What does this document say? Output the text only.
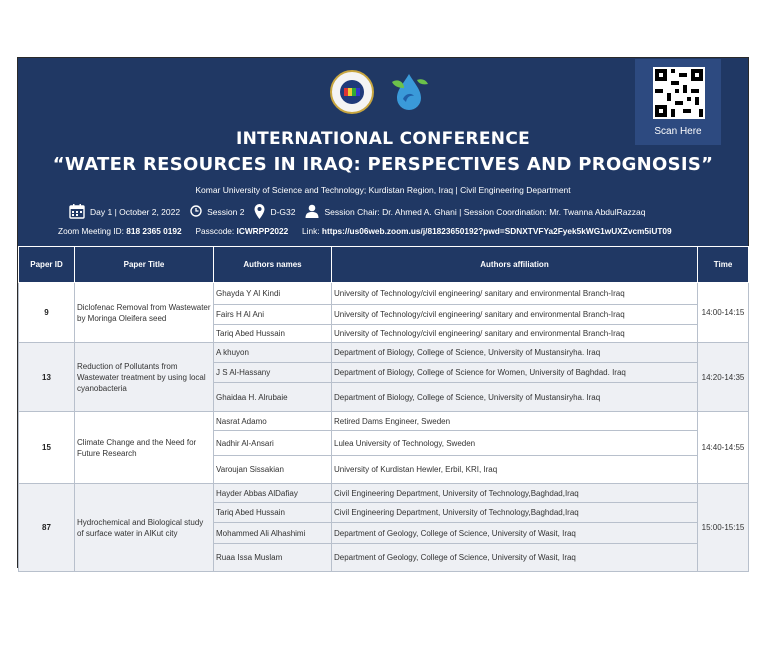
Scan Here
INTERNATIONAL CONFERENCE
“WATER RESOURCES IN IRAQ: PERSPECTIVES AND PROGNOSIS”
Komar University of Science and Technology; Kurdistan Region, Iraq | Civil Engineering Department
Day 1 | October 2, 2022	Session 2	D-G32	Session Chair: Dr. Ahmed A. Ghani | Session Coordination: Mr. Twanna AbdulRazzaq
Zoom Meeting ID: 818 2365 0192 Passcode: ICWRPP2022 Link: https://us06web.zoom.us/j/81823650192?pwd=SDNXTVFYa2Fyek5kWG1wUXZvcm5iUT09
Paper ID	Paper Title	Authors names	Authors affiliation	Time
9	Diclofenac Removal from Wastewater by Moringa Oleifera seed	Ghayda Y Al Kindi	University of Technology/civil engineering/ sanitary and environmental Branch-Iraq	14:00-14:15
		Fairs H Al Ani	University of Technology/civil engineering/ sanitary and environmental Branch-Iraq	
		Tariq Abed Hussain	University of Technology/civil engineering/ sanitary and environmental Branch-Iraq	
13	Reduction of Pollutants from Wastewater treatment by using local cyanobacteria	A khuyon	Department of Biology, College of Science, University of Mustansiryha. Iraq	14:20-14:35
		J S Al-Hassany	Department of Biology, College of Science for Women, University of Baghdad. Iraq	
		Ghaidaa H. Alrubaie	Department of Biology, College of Science, University of Mustansiryha. Iraq	
15	Climate Change and the Need for Future Research	Nasrat Adamo	Retired Dams Engineer, Sweden	14:40-14:55
		Nadhir Al-Ansari	Lulea University of Technology, Sweden	
		Varoujan Sissakian	University of Kurdistan Hewler, Erbil, KRI, Iraq	
87	Hydrochemical and Biological study of surface water in AlKut city	Hayder Abbas AlDafiay	Civil Engineering Department, University of Technology,Baghdad,Iraq	15:00-15:15
		Tariq Abed Hussain	Civil Engineering Department, University of Technology,Baghdad,Iraq	
		Mohammed Ali Alhashimi	Department of Geology, College of Science, University of Wasit, Iraq	
		Ruaa Issa Muslam	Department of Geology, College of Science, University of Wasit, Iraq	
